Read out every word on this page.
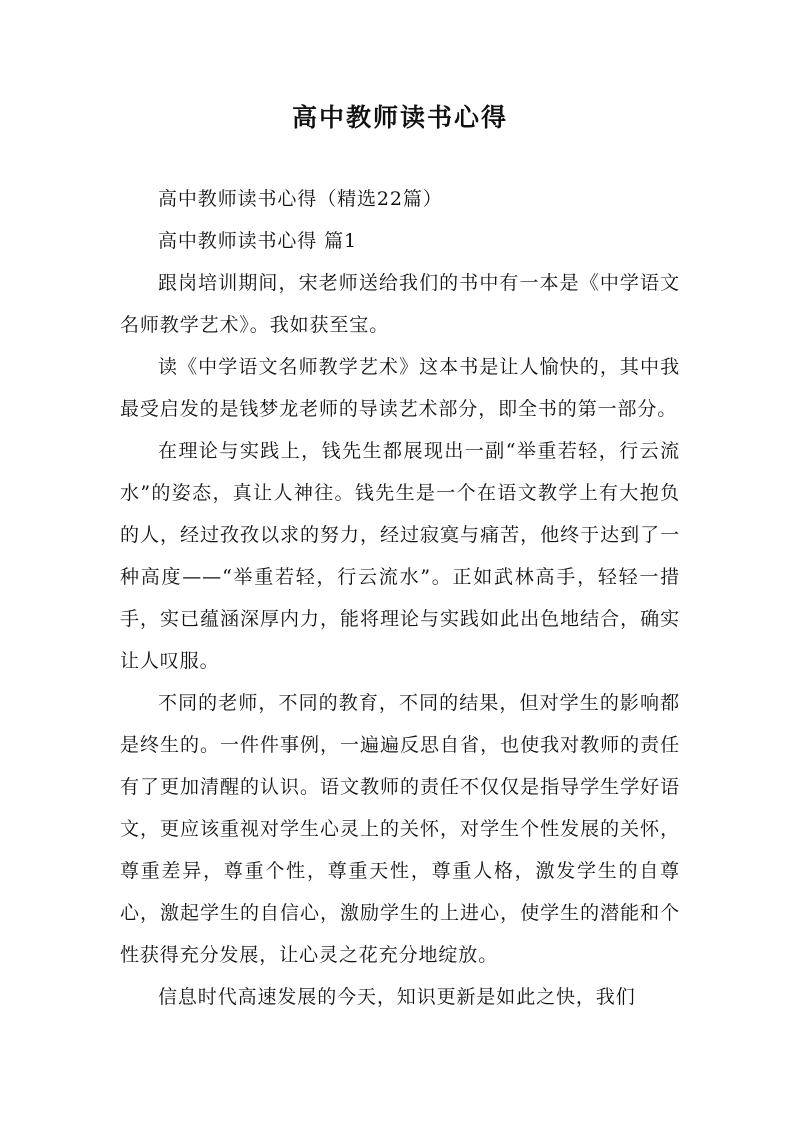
高中教师读书心得

高中教师读书心得（精选22篇）

高中教师读书心得 篇1

跟岗培训期间，宋老师送给我们的书中有一本是《中学语文名师教学艺术》。我如获至宝。

读《中学语文名师教学艺术》这本书是让人愉快的，其中我最受启发的是钱梦龙老师的导读艺术部分，即全书的第一部分。

在理论与实践上，钱先生都展现出一副“举重若轻，行云流水”的姿态，真让人神往。钱先生是一个在语文教学上有大抱负的人，经过孜孜以求的努力，经过寂寞与痛苦，他终于达到了一种高度——“举重若轻，行云流水”。正如武林高手，轻轻一措手，实已蕴涵深厚内力，能将理论与实践如此出色地结合，确实让人叹服。

不同的老师，不同的教育，不同的结果，但对学生的影响都是终生的。一件件事例，一遍遍反思自省，也使我对教师的责任有了更加清醒的认识。语文教师的责任不仅仅是指导学生学好语文，更应该重视对学生心灵上的关怀，对学生个性发展的关怀，尊重差异，尊重个性，尊重天性，尊重人格，激发学生的自尊心，激起学生的自信心，激励学生的上进心，使学生的潜能和个性获得充分发展，让心灵之花充分地绽放。

信息时代高速发展的今天，知识更新是如此之快，我们
